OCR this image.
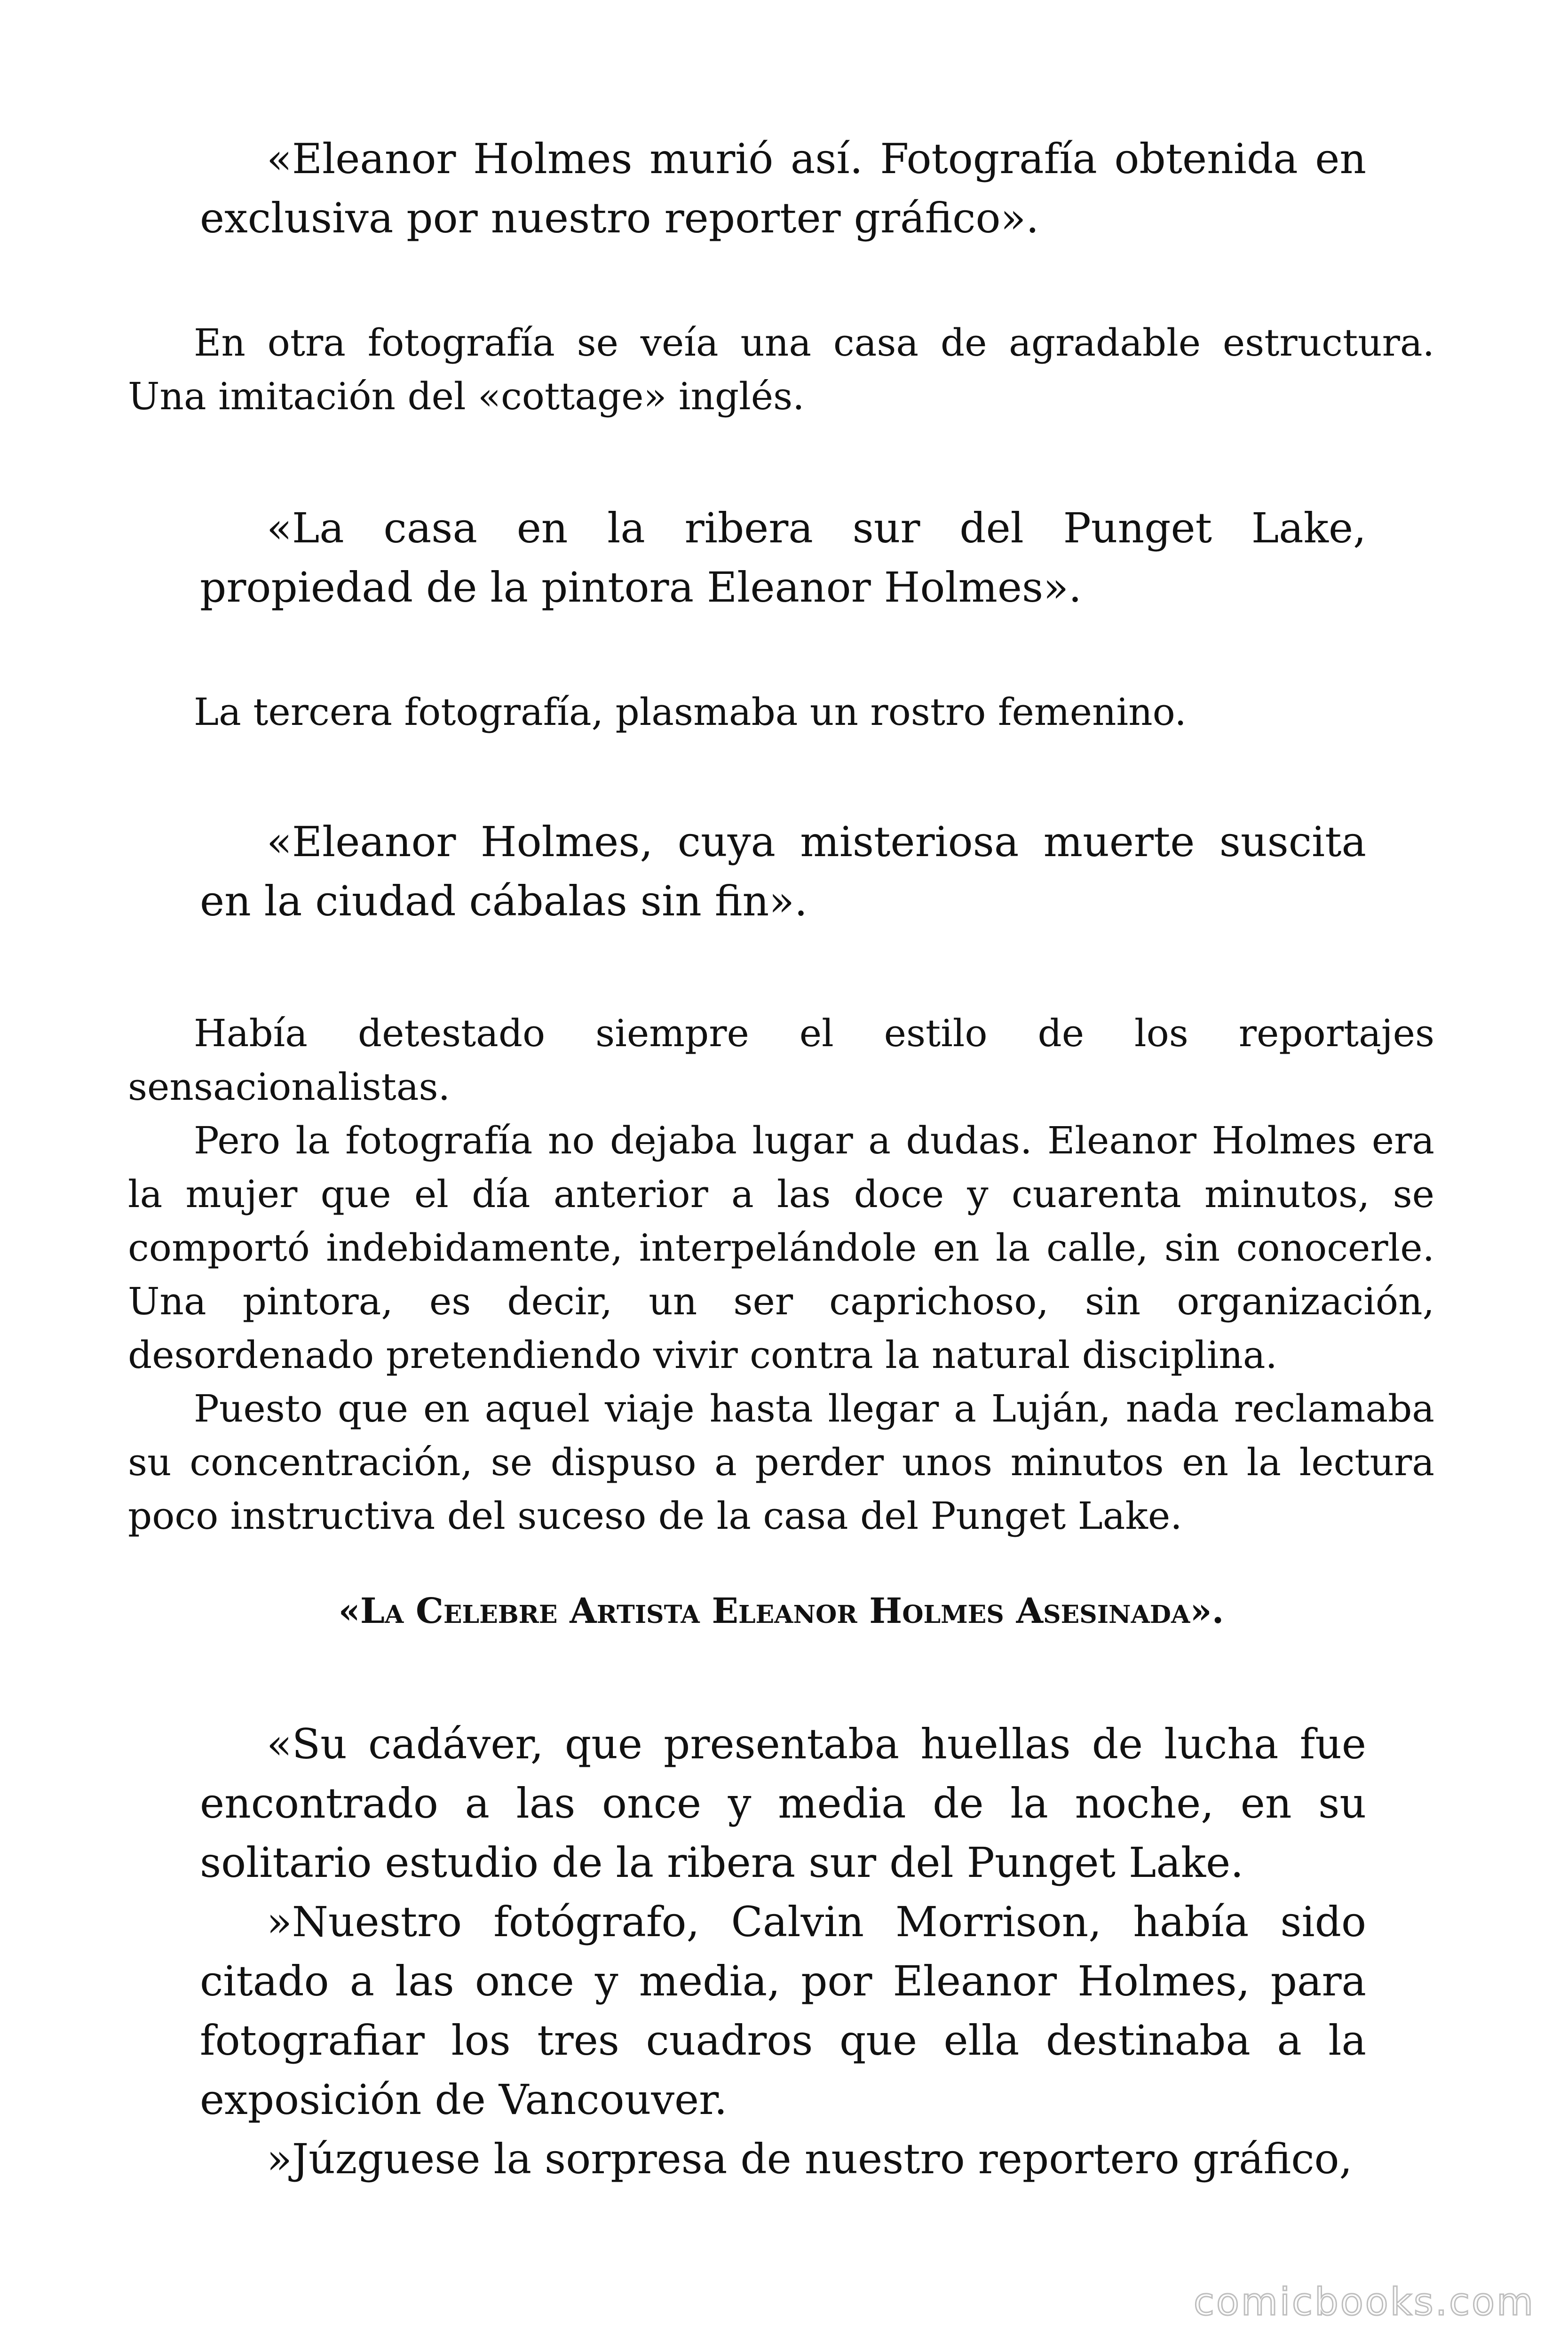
«Eleanor Holmes murió así. Fotografía obtenida en exclusiva por nuestro reporter gráfico».

En otra fotografía se veía una casa de agradable estructura. Una imitación del «cottage» inglés.

«La casa en la ribera sur del Punget Lake, propiedad de la pintora Eleanor Holmes».

La tercera fotografía, plasmaba un rostro femenino.

«Eleanor Holmes, cuya misteriosa muerte suscita en la ciudad cábalas sin fin».

Había detestado siempre el estilo de los reportajes sensacionalistas.

Pero la fotografía no dejaba lugar a dudas. Eleanor Holmes era la mujer que el día anterior a las doce y cuarenta minutos, se comportó indebidamente, interpelándole en la calle, sin conocerle. Una pintora, es decir, un ser caprichoso, sin organización, desordenado pretendiendo vivir contra la natural disciplina.

Puesto que en aquel viaje hasta llegar a Luján, nada reclamaba su concentración, se dispuso a perder unos minutos en la lectura poco instructiva del suceso de la casa del Punget Lake.

«La Celebre Artista Eleanor Holmes Asesinada».

«Su cadáver, que presentaba huellas de lucha fue encontrado a las once y media de la noche, en su solitario estudio de la ribera sur del Punget Lake.

»Nuestro fotógrafo, Calvin Morrison, había sido citado a las once y media, por Eleanor Holmes, para fotografiar los tres cuadros que ella destinaba a la exposición de Vancouver.

»Júzguese la sorpresa de nuestro reportero gráfico,

comicbooks.com
